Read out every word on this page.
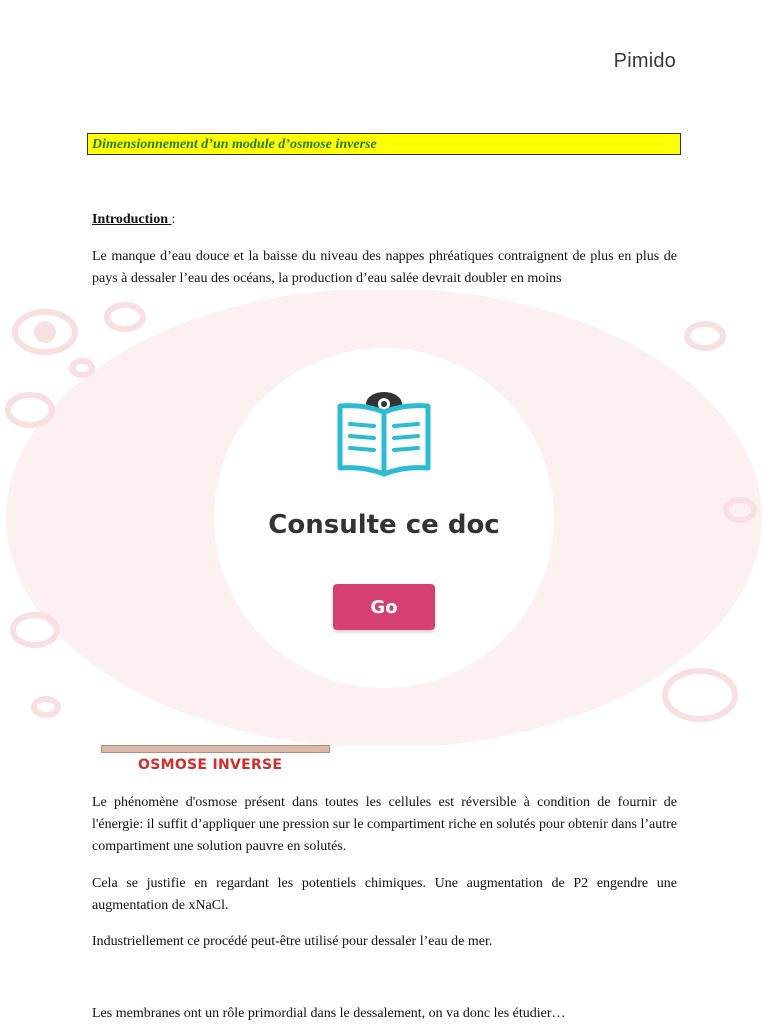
Pimido
Dimensionnement d’un module d’osmose inverse
Introduction :
Le manque d’eau douce et la baisse du niveau des nappes phréatiques contraignent de plus en plus de pays à dessaler l’eau des océans, la production d’eau salée devrait doubler en moins
Consulte ce doc
Go
OSMOSE INVERSE
Le phénomène d'osmose présent dans toutes les cellules est réversible à condition de fournir de l'énergie: il suffit d’appliquer une pression sur le compartiment riche en solutés pour obtenir dans l’autre compartiment une solution pauvre en solutés.
Cela se justifie en regardant les potentiels chimiques. Une augmentation de P2 engendre une augmentation de xNaCl.
Industriellement ce procédé peut-être utilisé pour dessaler l’eau de mer.
Les membranes ont un rôle primordial dans le dessalement, on va donc les étudier…
